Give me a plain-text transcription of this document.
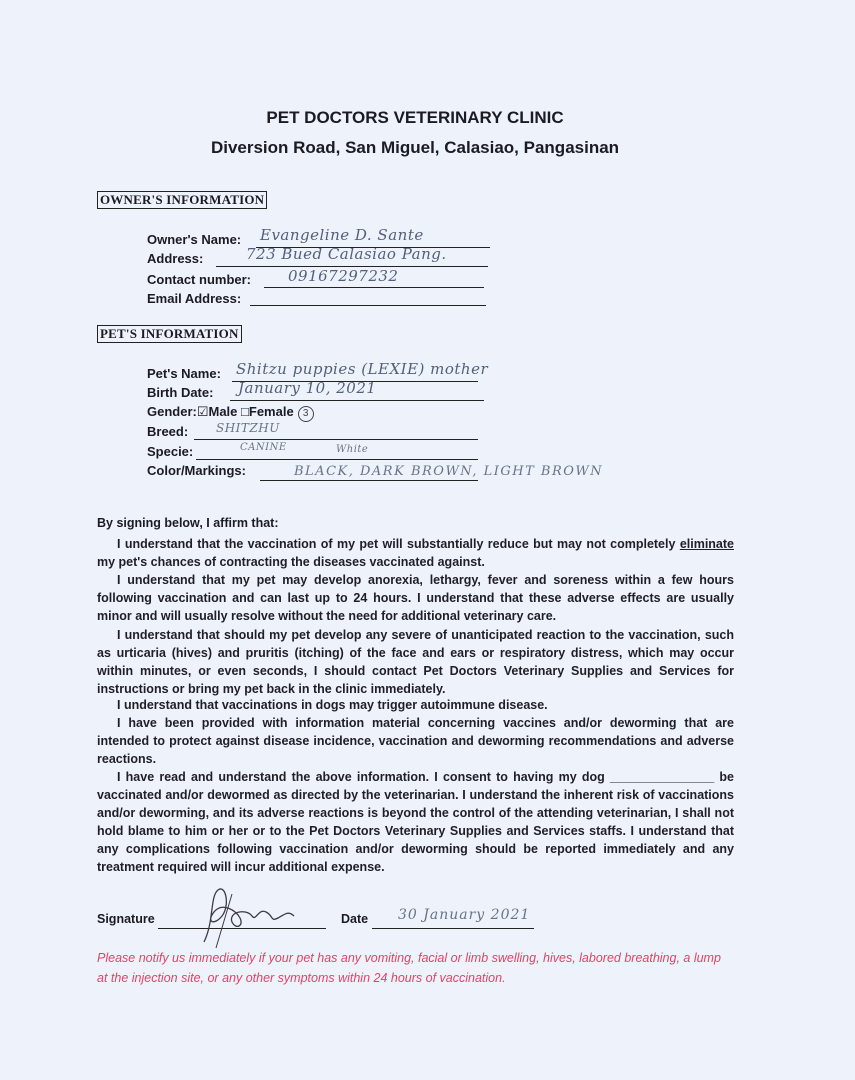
PET DOCTORS VETERINARY CLINIC
Diversion Road, San Miguel, Calasiao, Pangasinan
OWNER'S INFORMATION
Owner's Name: Evangeline D. Sante
Address:	723 Bued Calasiao Pang.
Contact number: 09167297232
Email Address:
PET'S INFORMATION
Pet's Name: Shitzu puppies (LEXIE) mother
Birth Date: January 10, 2021
Gender:☑Male □Female 3
Breed: SHITZHU
Specie:	CANINE	White
Color/Markings:	BLACK, DARK BROWN, LIGHT BROWN
By signing below, I affirm that:
I understand that the vaccination of my pet will substantially reduce but may not completely eliminate my pet's chances of contracting the diseases vaccinated against.
I understand that my pet may develop anorexia, lethargy, fever and soreness within a few hours following vaccination and can last up to 24 hours. I understand that these adverse effects are usually minor and will usually resolve without the need for additional veterinary care.
I understand that should my pet develop any severe of unanticipated reaction to the vaccination, such as urticaria (hives) and pruritis (itching) of the face and ears or respiratory distress, which may occur within minutes, or even seconds, I should contact Pet Doctors Veterinary Supplies and Services for instructions or bring my pet back in the clinic immediately.
I understand that vaccinations in dogs may trigger autoimmune disease.
I have been provided with information material concerning vaccines and/or deworming that are intended to protect against disease incidence, vaccination and deworming recommendations and adverse reactions.
I have read and understand the above information. I consent to having my dog _______________ be vaccinated and/or dewormed as directed by the veterinarian. I understand the inherent risk of vaccinations and/or deworming, and its adverse reactions is beyond the control of the attending veterinarian, I shall not hold blame to him or her or to the Pet Doctors Veterinary Supplies and Services staffs. I understand that any complications following vaccination and/or deworming should be reported immediately and any treatment required will incur additional expense.
Signature	Date 30 January 2021
Please notify us immediately if your pet has any vomiting, facial or limb swelling, hives, labored breathing, a lump at the injection site, or any other symptoms within 24 hours of vaccination.
